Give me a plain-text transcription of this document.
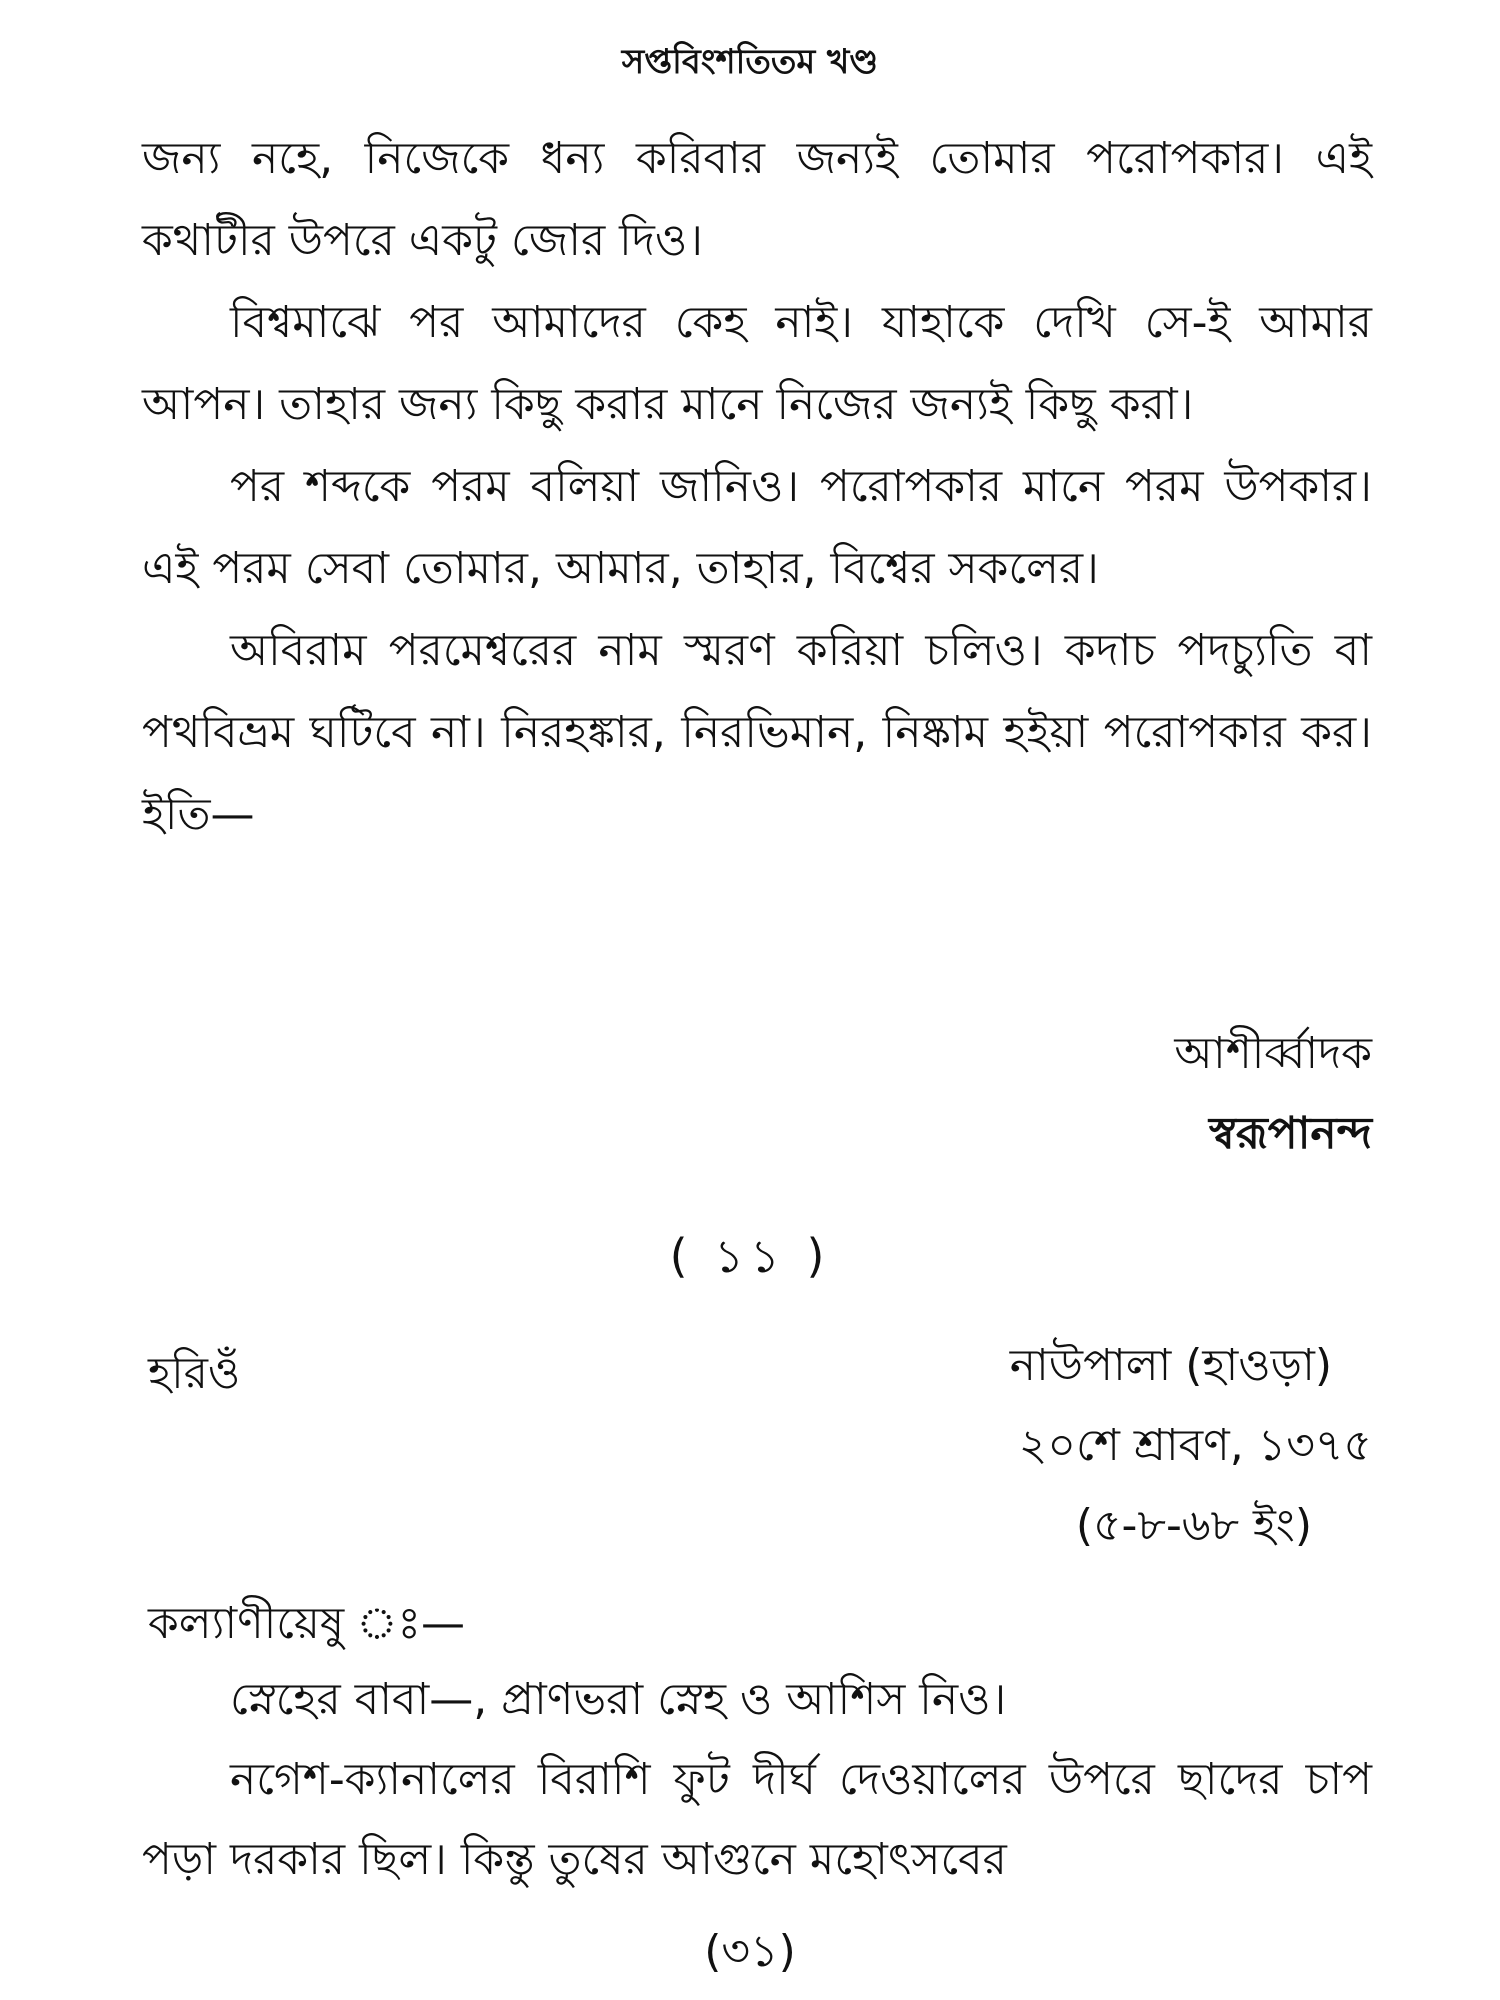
সপ্তবিংশতিতম খণ্ড

জন্য নহে, নিজেকে ধন্য করিবার জন্যই তোমার পরোপকার। এই কথাটীর উপরে একটু জোর দিও।

বিশ্বমাঝে পর আমাদের কেহ নাই। যাহাকে দেখি সে-ই আমার আপন। তাহার জন্য কিছু করার মানে নিজের জন্যই কিছু করা।

পর শব্দকে পরম বলিয়া জানিও। পরোপকার মানে পরম উপকার। এই পরম সেবা তোমার, আমার, তাহার, বিশ্বের সকলের।

অবিরাম পরমেশ্বরের নাম স্মরণ করিয়া চলিও। কদাচ পদচ্যুতি বা পথবিভ্রম ঘটিবে না। নিরহঙ্কার, নিরভিমান, নিষ্কাম হইয়া পরোপকার কর। ইতি—

আশীর্ব্বাদক
স্বরূপানন্দ
( ১১ )
হরিওঁ	নাউপালা (হাওড়া)
২০শে শ্রাবণ, ১৩৭৫
(৫-৮-৬৮ ইং)
কল্যাণীয়েষু ঃ—

স্নেহের বাবা—, প্রাণভরা স্নেহ ও আশিস নিও।

নগেশ-ক্যানালের বিরাশি ফুট দীর্ঘ দেওয়ালের উপরে ছাদের চাপ পড়া দরকার ছিল। কিন্তু তুষের আগুনে মহোৎসবের

(৩১)
